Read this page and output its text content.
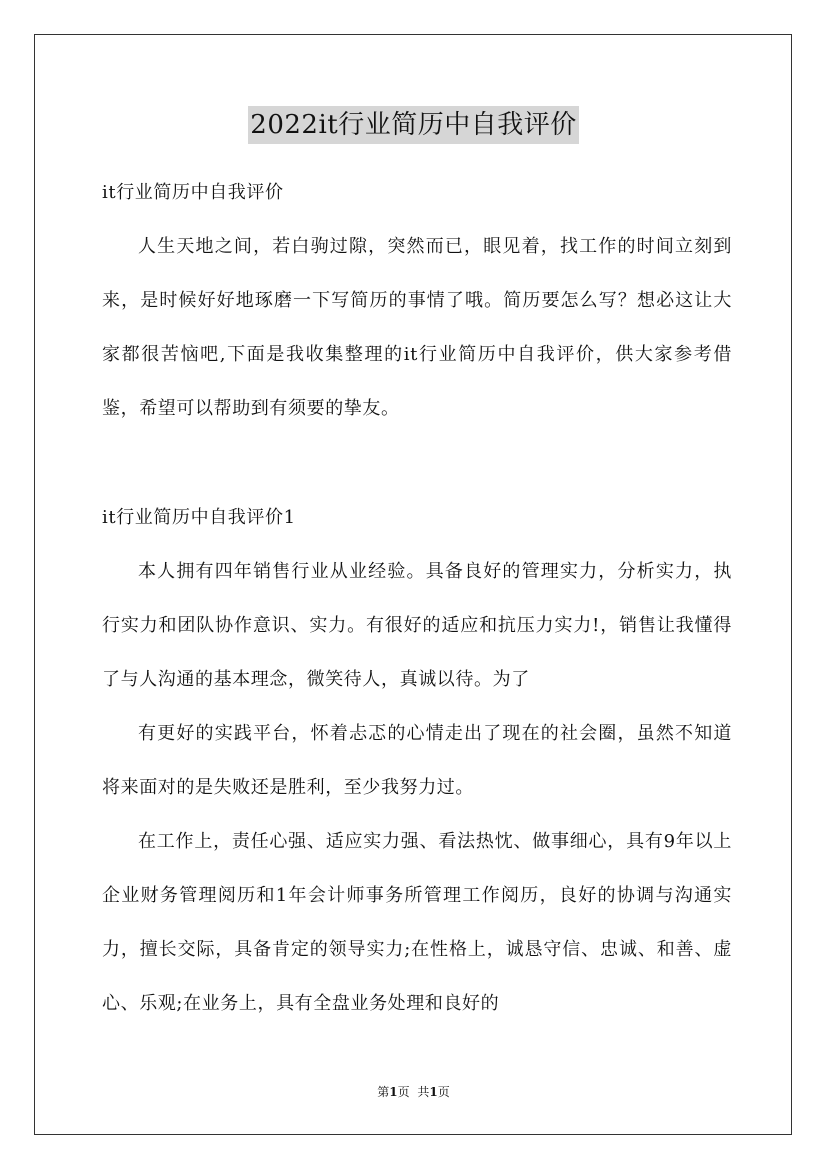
2022it行业简历中自我评价

it行业简历中自我评价

人生天地之间，若白驹过隙，突然而已，眼见着，找工作的时间立刻到来，是时候好好地琢磨一下写简历的事情了哦。简历要怎么写？想必这让大家都很苦恼吧,下面是我收集整理的it行业简历中自我评价，供大家参考借鉴，希望可以帮助到有须要的挚友。

it行业简历中自我评价1

本人拥有四年销售行业从业经验。具备良好的管理实力，分析实力，执行实力和团队协作意识、实力。有很好的适应和抗压力实力!，销售让我懂得了与人沟通的基本理念，微笑待人，真诚以待。为了

有更好的实践平台，怀着忐忑的心情走出了现在的社会圈，虽然不知道将来面对的是失败还是胜利，至少我努力过。

在工作上，责任心强、适应实力强、看法热忱、做事细心，具有9年以上企业财务管理阅历和1年会计师事务所管理工作阅历，良好的协调与沟通实力，擅长交际，具备肯定的领导实力;在性格上，诚恳守信、忠诚、和善、虚心、乐观;在业务上，具有全盘业务处理和良好的

第1页 共1页
